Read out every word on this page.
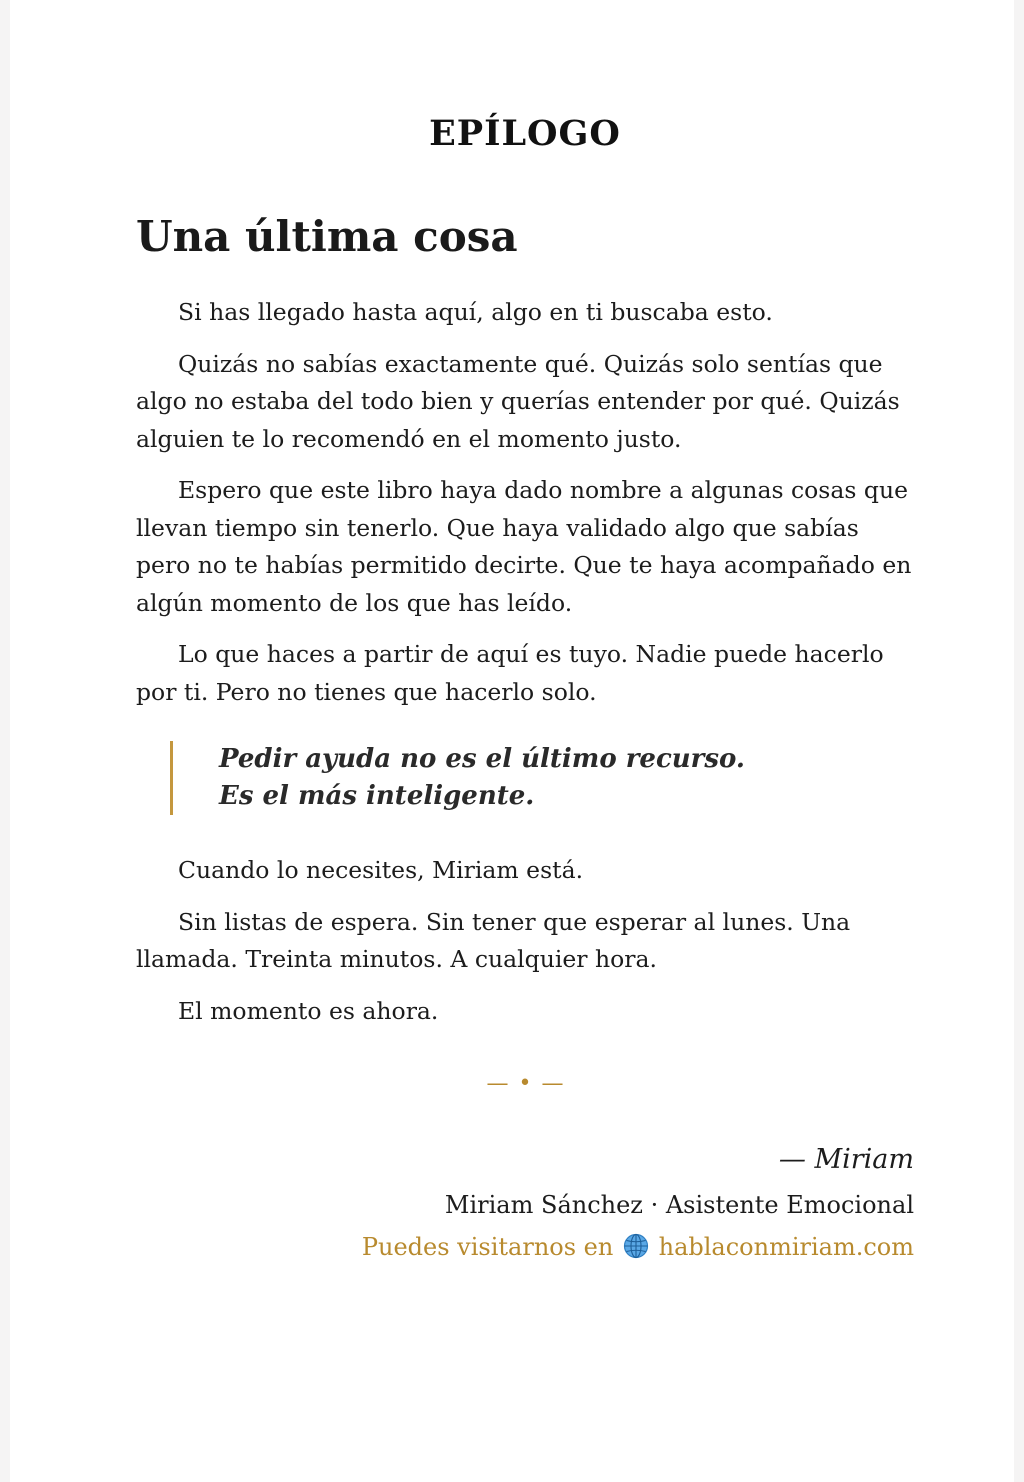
EPÍLOGO
Una última cosa

Si has llegado hasta aquí, algo en ti buscaba esto.

Quizás no sabías exactamente qué. Quizás solo sentías que algo no estaba del todo bien y querías entender por qué. Quizás alguien te lo recomendó en el momento justo.

Espero que este libro haya dado nombre a algunas cosas que llevan tiempo sin tenerlo. Que haya validado algo que sabías pero no te habías permitido decirte. Que te haya acompañado en algún momento de los que has leído.

Lo que haces a partir de aquí es tuyo. Nadie puede hacerlo por ti. Pero no tienes que hacerlo solo.

Pedir ayuda no es el último recurso.
Es el más inteligente.

Cuando lo necesites, Miriam está.

Sin listas de espera. Sin tener que esperar al lunes. Una llamada. Treinta minutos. A cualquier hora.

El momento es ahora.

— • —
— Miriam
Miriam Sánchez · Asistente Emocional
Puedes visitarnos en hablaconmiriam.com
